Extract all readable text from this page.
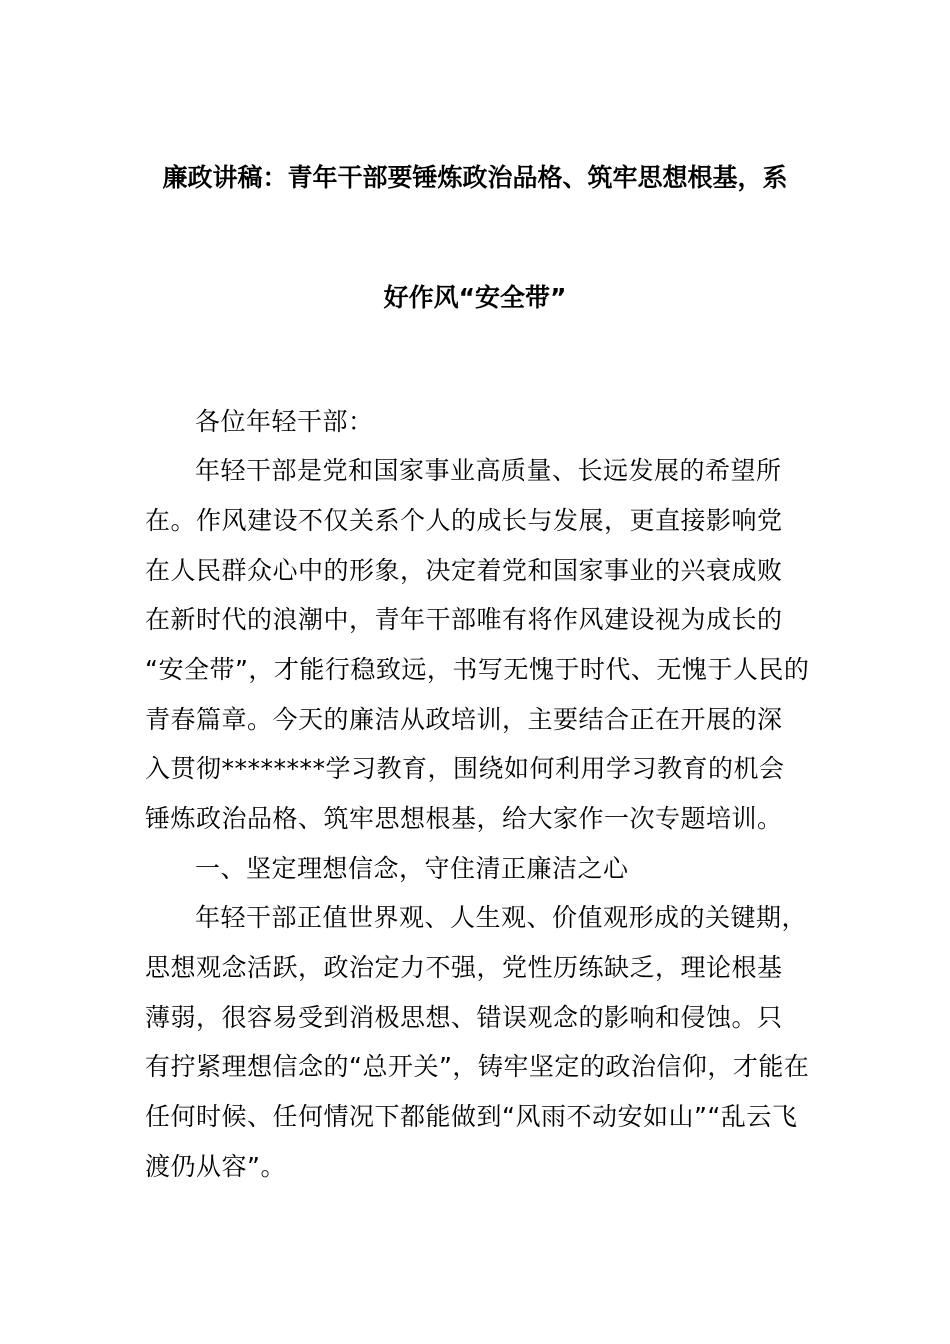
廉政讲稿：青年干部要锤炼政治品格、筑牢思想根基，系
好作风“安全带”
各位年轻干部：
年轻干部是党和国家事业高质量、长远发展的希望所
在。作风建设不仅关系个人的成长与发展，更直接影响党
在人民群众心中的形象，决定着党和国家事业的兴衰成败
在新时代的浪潮中，青年干部唯有将作风建设视为成长的
“安全带”，才能行稳致远，书写无愧于时代、无愧于人民的
青春篇章。今天的廉洁从政培训，主要结合正在开展的深
入贯彻********学习教育，围绕如何利用学习教育的机会
锤炼政治品格、筑牢思想根基，给大家作一次专题培训。
一、坚定理想信念，守住清正廉洁之心
年轻干部正值世界观、人生观、价值观形成的关键期，
思想观念活跃，政治定力不强，党性历练缺乏，理论根基
薄弱，很容易受到消极思想、错误观念的影响和侵蚀。只
有拧紧理想信念的“总开关”，铸牢坚定的政治信仰，才能在
任何时候、任何情况下都能做到“风雨不动安如山”“乱云飞
渡仍从容”。
